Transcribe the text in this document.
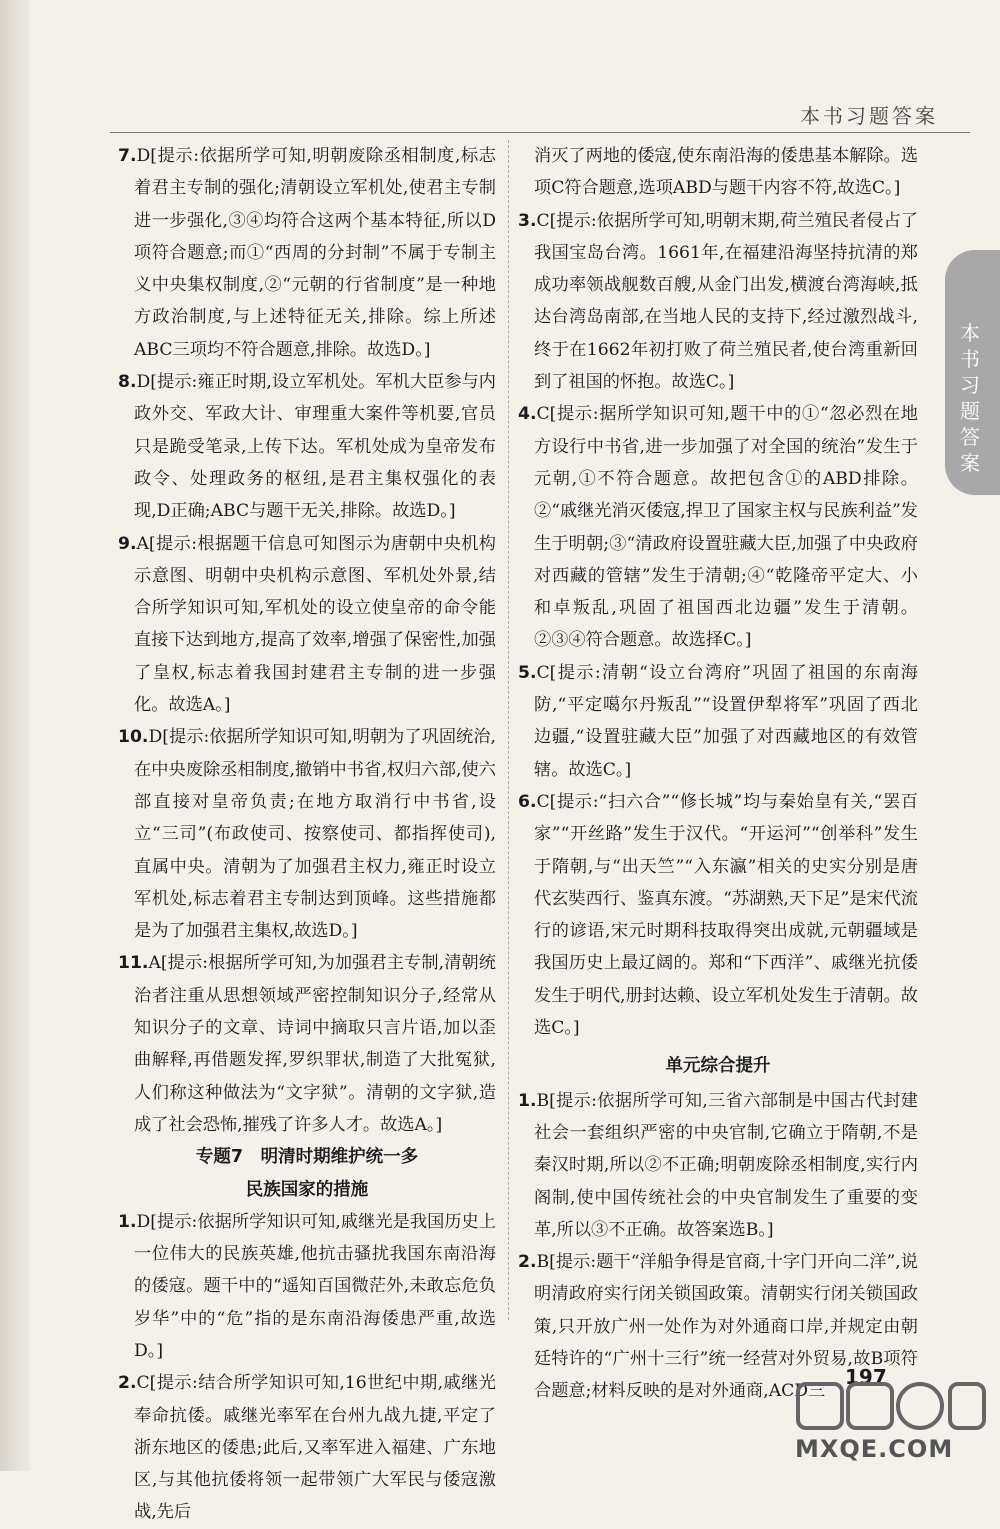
本书习题答案
本书习题答案

7.D[提示:依据所学可知,明朝废除丞相制度,标志着君主专制的强化;清朝设立军机处,使君主专制进一步强化,③④均符合这两个基本特征,所以D项符合题意;而①“西周的分封制”不属于专制主义中央集权制度,②“元朝的行省制度”是一种地方政治制度,与上述特征无关,排除。综上所述ABC三项均不符合题意,排除。故选D。]

8.D[提示:雍正时期,设立军机处。军机大臣参与内政外交、军政大计、审理重大案件等机要,官员只是跪受笔录,上传下达。军机处成为皇帝发布政令、处理政务的枢纽,是君主集权强化的表现,D正确;ABC与题干无关,排除。故选D。]

9.A[提示:根据题干信息可知图示为唐朝中央机构示意图、明朝中央机构示意图、军机处外景,结合所学知识可知,军机处的设立使皇帝的命令能直接下达到地方,提高了效率,增强了保密性,加强了皇权,标志着我国封建君主专制的进一步强化。故选A。]

10.D[提示:依据所学知识可知,明朝为了巩固统治,在中央废除丞相制度,撤销中书省,权归六部,使六部直接对皇帝负责;在地方取消行中书省,设立“三司”(布政使司、按察使司、都指挥使司),直属中央。清朝为了加强君主权力,雍正时设立军机处,标志着君主专制达到顶峰。这些措施都是为了加强君主集权,故选D。]

11.A[提示:根据所学可知,为加强君主专制,清朝统治者注重从思想领域严密控制知识分子,经常从知识分子的文章、诗词中摘取只言片语,加以歪曲解释,再借题发挥,罗织罪状,制造了大批冤狱,人们称这种做法为“文字狱”。清朝的文字狱,造成了社会恐怖,摧残了许多人才。故选A。]

专题7　明清时期维护统一多

民族国家的措施

1.D[提示:依据所学知识可知,戚继光是我国历史上一位伟大的民族英雄,他抗击骚扰我国东南沿海的倭寇。题干中的“遥知百国微茫外,未敢忘危负岁华”中的“危”指的是东南沿海倭患严重,故选D。]

2.C[提示:结合所学知识可知,16世纪中期,戚继光奉命抗倭。戚继光率军在台州九战九捷,平定了浙东地区的倭患;此后,又率军进入福建、广东地区,与其他抗倭将领一起带领广大军民与倭寇激战,先后

消灭了两地的倭寇,使东南沿海的倭患基本解除。选项C符合题意,选项ABD与题干内容不符,故选C。]

3.C[提示:依据所学可知,明朝末期,荷兰殖民者侵占了我国宝岛台湾。1661年,在福建沿海坚持抗清的郑成功率领战舰数百艘,从金门出发,横渡台湾海峡,抵达台湾岛南部,在当地人民的支持下,经过激烈战斗,终于在1662年初打败了荷兰殖民者,使台湾重新回到了祖国的怀抱。故选C。]

4.C[提示:据所学知识可知,题干中的①“忽必烈在地方设行中书省,进一步加强了对全国的统治”发生于元朝,①不符合题意。故把包含①的ABD排除。②“戚继光消灭倭寇,捍卫了国家主权与民族利益”发生于明朝;③“清政府设置驻藏大臣,加强了中央政府对西藏的管辖”发生于清朝;④“乾隆帝平定大、小和卓叛乱,巩固了祖国西北边疆”发生于清朝。②③④符合题意。故选择C。]

5.C[提示:清朝“设立台湾府”巩固了祖国的东南海防,“平定噶尔丹叛乱”“设置伊犁将军”巩固了西北边疆,“设置驻藏大臣”加强了对西藏地区的有效管辖。故选C。]

6.C[提示:“扫六合”“修长城”均与秦始皇有关,“罢百家”“开丝路”发生于汉代。“开运河”“创举科”发生于隋朝,与“出天竺”“入东瀛”相关的史实分别是唐代玄奘西行、鉴真东渡。“苏湖熟,天下足”是宋代流行的谚语,宋元时期科技取得突出成就,元朝疆域是我国历史上最辽阔的。郑和“下西洋”、戚继光抗倭发生于明代,册封达赖、设立军机处发生于清朝。故选C。]

单元综合提升

1.B[提示:依据所学可知,三省六部制是中国古代封建社会一套组织严密的中央官制,它确立于隋朝,不是秦汉时期,所以②不正确;明朝废除丞相制度,实行内阁制,使中国传统社会的中央官制发生了重要的变革,所以③不正确。故答案选B。]

2.B[提示:题干“洋船争得是官商,十字门开向二洋”,说明清政府实行闭关锁国政策。清朝实行闭关锁国政策,只开放广州一处作为对外通商口岸,并规定由朝廷特许的“广州十三行”统一经营对外贸易,故B项符合题意;材料反映的是对外通商,ACD三

197
MXQE.COM
